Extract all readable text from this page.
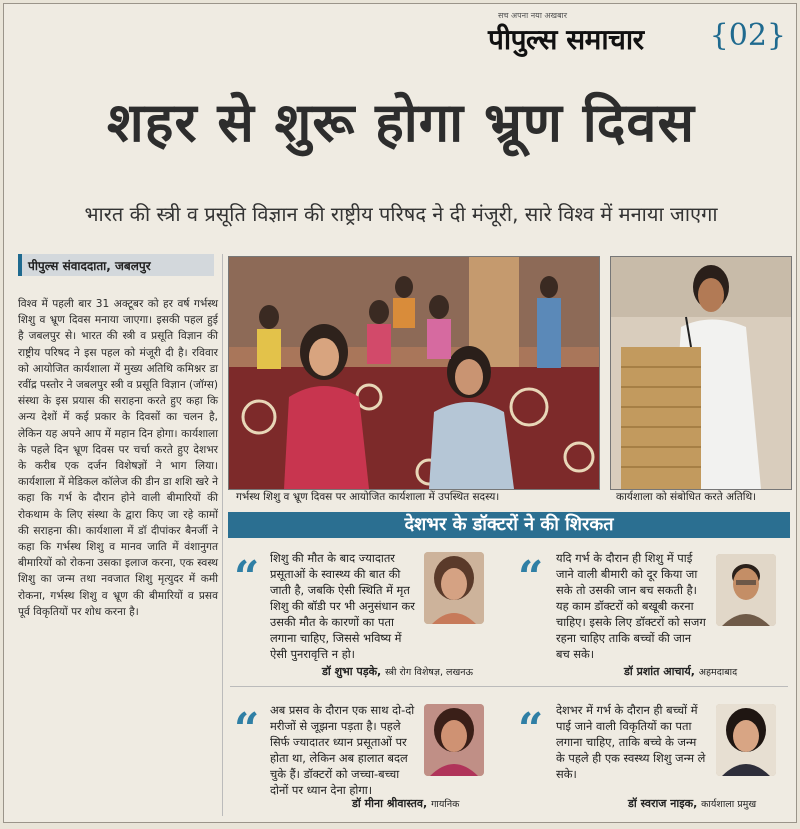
सच अपना नया अखबार
पीपुल्स समाचार {02}
शहर से शुरू होगा भ्रूण दिवस
भारत की स्त्री व प्रसूति विज्ञान की राष्ट्रीय परिषद ने दी मंजूरी, सारे विश्व में मनाया जाएगा
पीपुल्स संवाददाता, जबलपुर
विश्व में पहली बार 31 अक्टूबर को हर वर्ष गर्भस्थ शिशु व भ्रूण दिवस मनाया जाएगा। इसकी पहल हुई है जबलपुर से। भारत की स्त्री व प्रसूति विज्ञान की राष्ट्रीय परिषद ने इस पहल को मंजूरी दी है। रविवार को आयोजित कार्यशाला में मुख्य अतिथि कमिश्नर डा रवींद्र पस्तोर ने जबलपुर स्त्री व प्रसूति विज्ञान (जॉग्स) संस्था के इस प्रयास की सराहना करते हुए कहा कि अन्य देशों में कई प्रकार के दिवसों का चलन है, लेकिन यह अपने आप में महान दिन होगा। कार्यशाला के पहले दिन भ्रूण दिवस पर चर्चा करते हुए देशभर के करीब एक दर्जन विशेषज्ञों ने भाग लिया। कार्यशाला में मेडिकल कॉलेज की डीन डा शशि खरे ने कहा कि गर्भ के दौरान होने वाली बीमारियों की रोकथाम के लिए संस्था के द्वारा किए जा रहे कामों की सराहना की। कार्यशाला में डॉ दीपांकर बैनर्जी ने कहा कि गर्भस्थ शिशु व मानव जाति में वंशानुगत बीमारियों को रोकना उसका इलाज करना, एक स्वस्थ शिशु का जन्म तथा नवजात शिशु मृत्युदर में कमी रोकना, गर्भस्थ शिशु व भ्रूण की बीमारियों व प्रसव पूर्व विकृतियों पर शोध करना है।
गर्भस्थ शिशु व भ्रूण दिवस पर आयोजित कार्यशाला में उपस्थित सदस्य।	कार्यशाला को संबोधित करते अतिथि।
देशभर के डॉक्टरों ने की शिरकत
“ शिशु की मौत के बाद ज्यादातर प्रसूताओं के स्वास्थ्य की बात की जाती है, जबकि ऐसी स्थिति में मृत शिशु की बॉडी पर भी अनुसंधान कर उसकी मौत के कारणों का पता लगाना चाहिए, जिससे भविष्य में ऐसी पुनरावृत्ति न हो।
डॉ शुभा पड़के, स्त्री रोग विशेषज्ञ, लखनऊ
“ यदि गर्भ के दौरान ही शिशु में पाई जाने वाली बीमारी को दूर किया जा सके तो उसकी जान बच सकती है। यह काम डॉक्टरों को बखूबी करना चाहिए। इसके लिए डॉक्टरों को सजग रहना चाहिए ताकि बच्चों की जान बच सके।
डॉ प्रशांत आचार्य, अहमदाबाद
“ अब प्रसव के दौरान एक साथ दो-दो मरीजों से जूझना पड़ता है। पहले सिर्फ ज्यादातर ध्यान प्रसूताओं पर होता था, लेकिन अब हालात बदल चुके हैं। डॉक्टरों को जच्चा-बच्चा दोनों पर ध्यान देना होगा।
डॉ मीना श्रीवास्तव, गायनिक
“ देशभर में गर्भ के दौरान ही बच्चों में पाई जाने वाली विकृतियों का पता लगाना चाहिए, ताकि बच्चे के जन्म के पहले ही एक स्वस्थ्य शिशु जन्म ले सके।
डॉ स्वराज नाइक, कार्यशाला प्रमुख
